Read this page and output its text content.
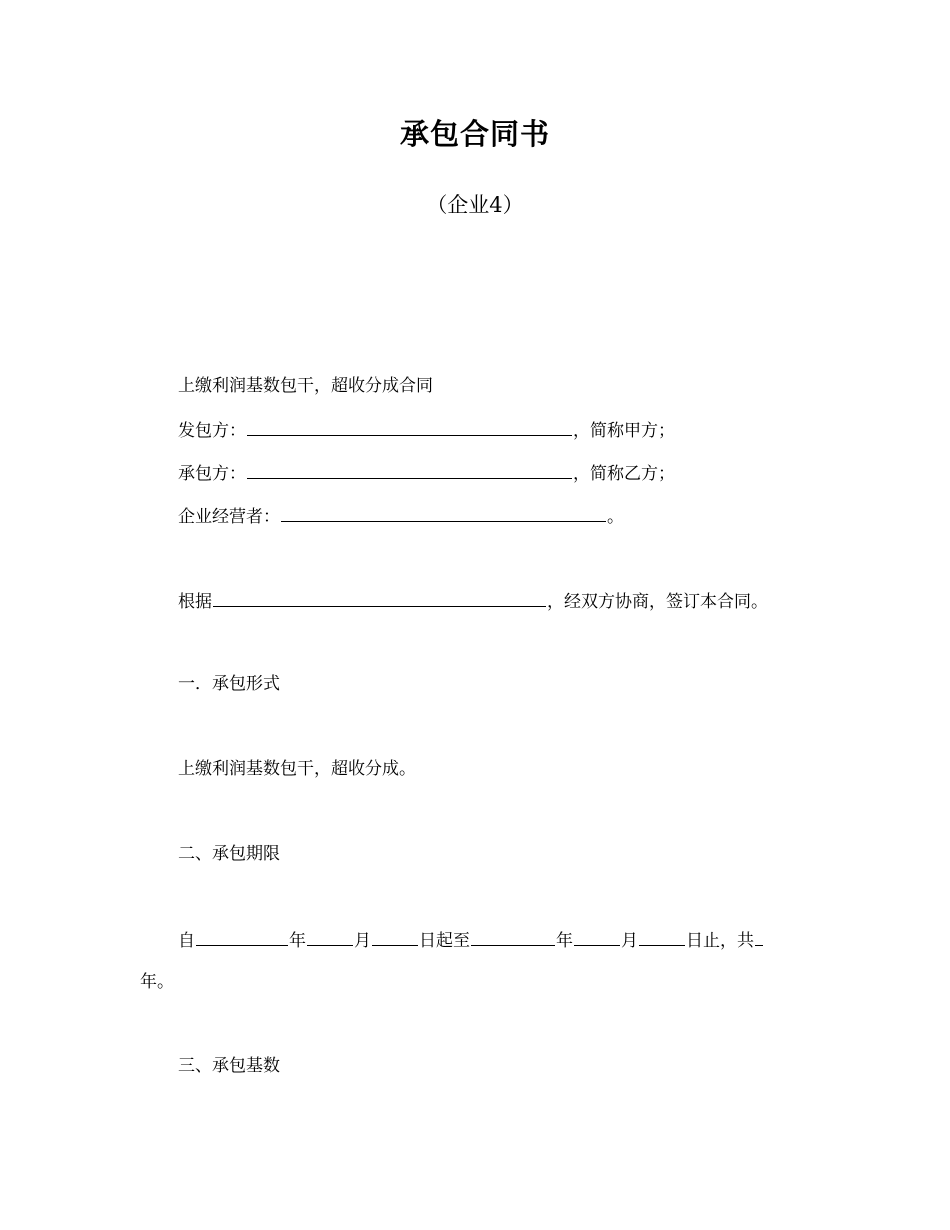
承包合同书
（企业4）
上缴利润基数包干，超收分成合同
发包方：	，简称甲方；
承包方：	，简称乙方；
企业经营者：	。
根据	，经双方协商，签订本合同。
一．承包形式
上缴利润基数包干，超收分成。
二、承包期限
自	年	月	日起至	年	月	日止，共
年。
三、承包基数
